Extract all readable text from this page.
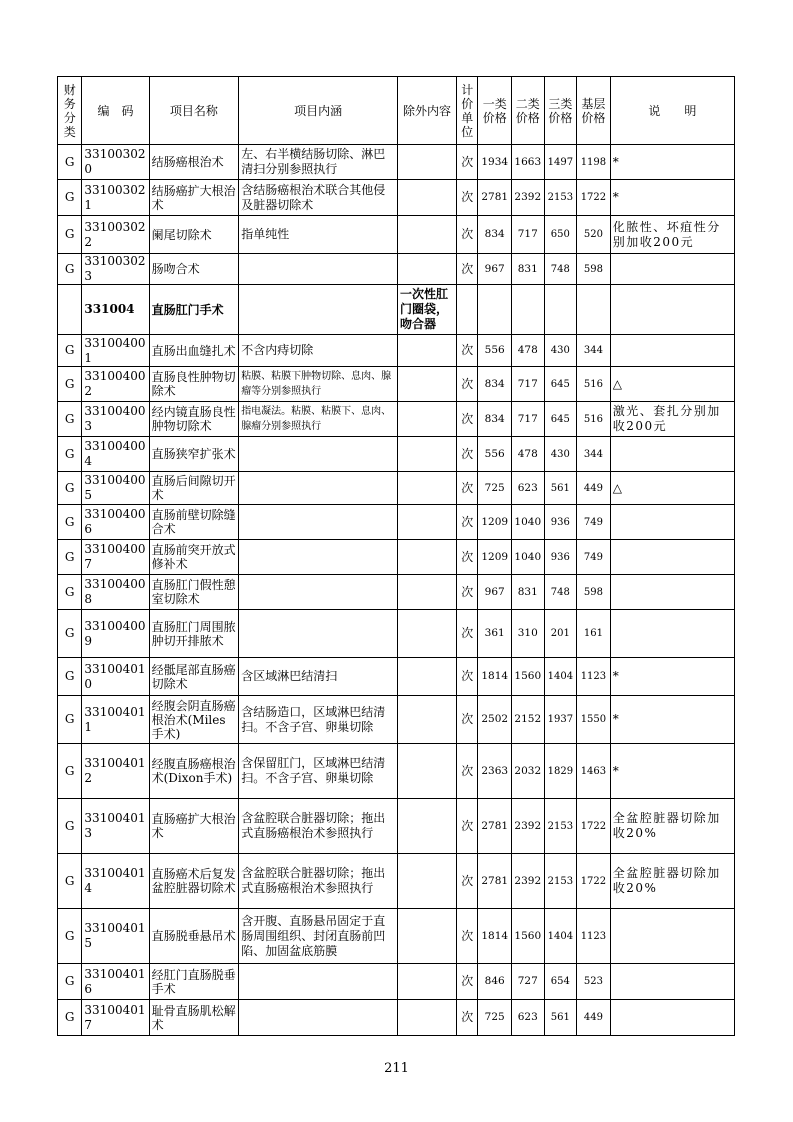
财务分类	编　码	项目名称	项目内涵	除外内容	计价单位	一类价格	二类价格	三类价格	基层价格	说　　明
G	331003020	结肠癌根治术	左、右半横结肠切除、淋巴清扫分别参照执行		次	1934	1663	1497	1198	*
G	331003021	结肠癌扩大根治术	含结肠癌根治术联合其他侵及脏器切除术		次	2781	2392	2153	1722	*
G	331003022	阑尾切除术	指单纯性		次	834	717	650	520	化脓性、坏疽性分别加收200元
G	331003023	肠吻合术			次	967	831	748	598	
	331004	直肠肛门手术		一次性肛门圈袋，吻合器						
G	331004001	直肠出血缝扎术	不含内痔切除		次	556	478	430	344	
G	331004002	直肠良性肿物切除术	粘膜、粘膜下肿物切除、息肉、腺瘤等分别参照执行		次	834	717	645	516	△
G	331004003	经内镜直肠良性肿物切除术	指电凝法。粘膜、粘膜下、息肉、腺瘤分别参照执行		次	834	717	645	516	激光、套扎分别加收200元
G	331004004	直肠狭窄扩张术			次	556	478	430	344	
G	331004005	直肠后间隙切开术			次	725	623	561	449	△
G	331004006	直肠前壁切除缝合术			次	1209	1040	936	749	
G	331004007	直肠前突开放式修补术			次	1209	1040	936	749	
G	331004008	直肠肛门假性憩室切除术			次	967	831	748	598	
G	331004009	直肠肛门周围脓肿切开排脓术			次	361	310	201	161	
G	331004010	经骶尾部直肠癌切除术	含区域淋巴结清扫		次	1814	1560	1404	1123	*
G	331004011	经腹会阴直肠癌根治术(Miles手术)	含结肠造口，区域淋巴结清扫。不含子宫、卵巢切除		次	2502	2152	1937	1550	*
G	331004012	经腹直肠癌根治术(Dixon手术)	含保留肛门，区域淋巴结清扫。不含子宫、卵巢切除		次	2363	2032	1829	1463	*
G	331004013	直肠癌扩大根治术	含盆腔联合脏器切除；拖出式直肠癌根治术参照执行		次	2781	2392	2153	1722	全盆腔脏器切除加收20%
G	331004014	直肠癌术后复发盆腔脏器切除术	含盆腔联合脏器切除；拖出式直肠癌根治术参照执行		次	2781	2392	2153	1722	全盆腔脏器切除加收20%
G	331004015	直肠脱垂悬吊术	含开腹、直肠悬吊固定于直肠周围组织、封闭直肠前凹陷、加固盆底筋膜		次	1814	1560	1404	1123	
G	331004016	经肛门直肠脱垂手术			次	846	727	654	523	
G	331004017	耻骨直肠肌松解术			次	725	623	561	449	
211
